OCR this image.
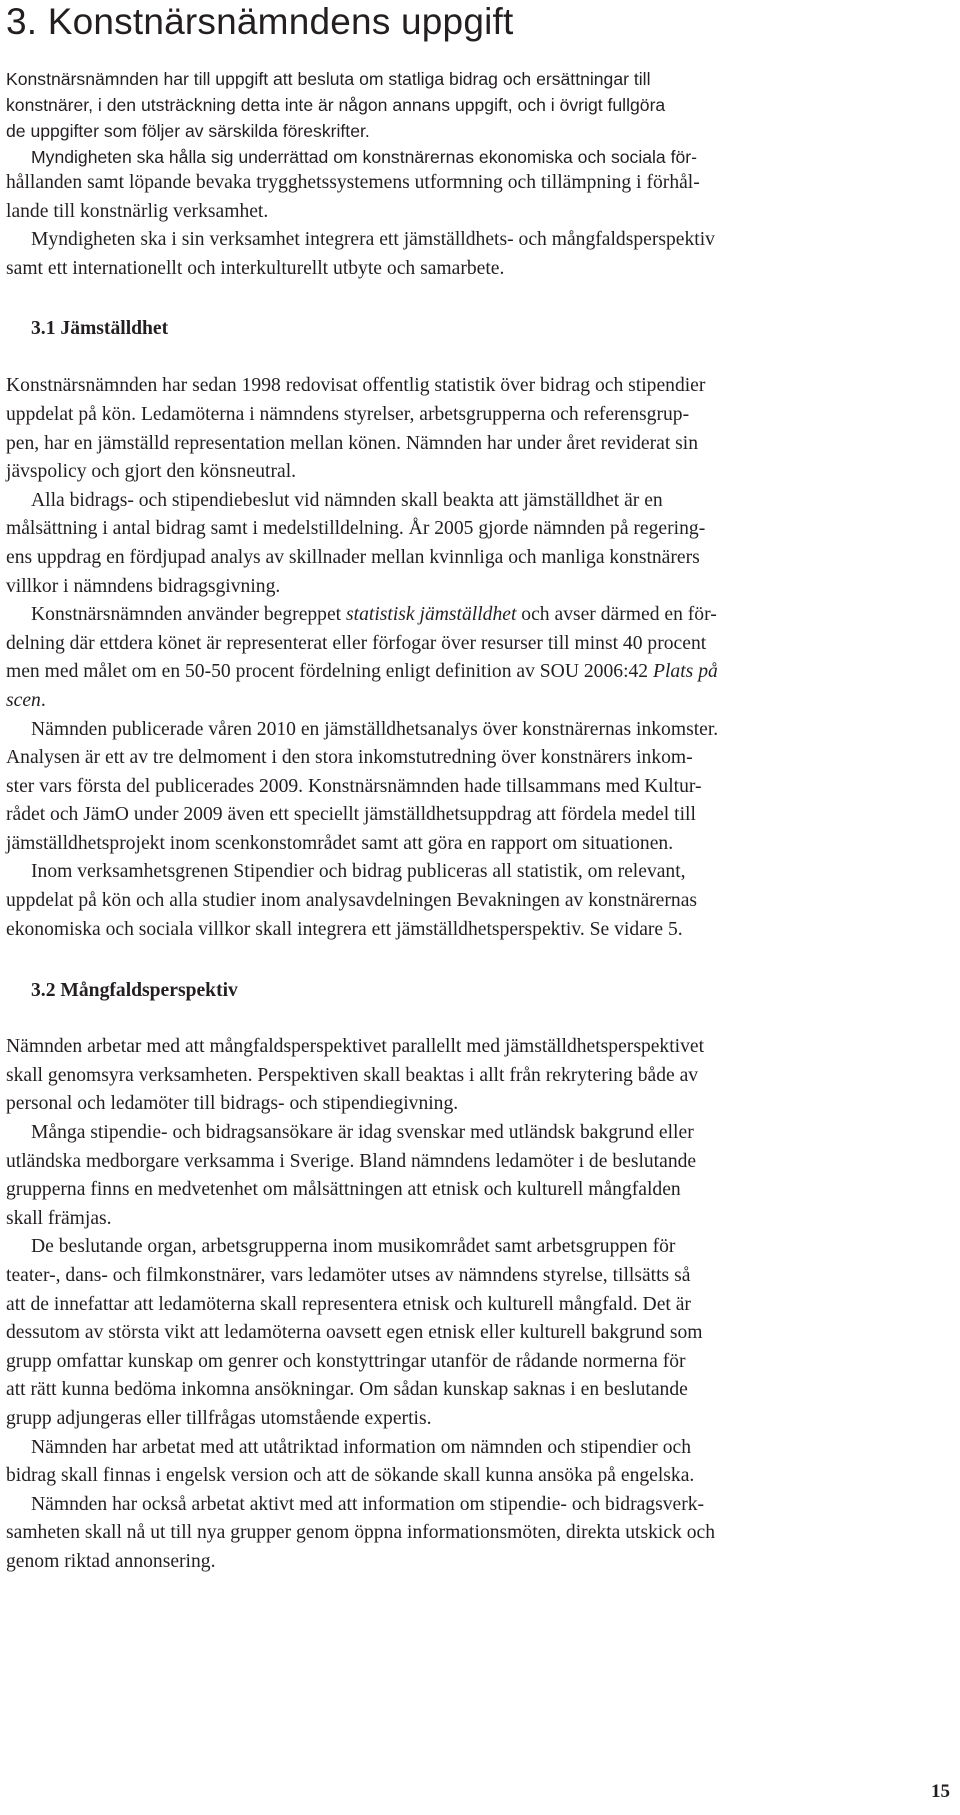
3. Konstnärsnämndens uppgift
Konstnärsnämnden har till uppgift att besluta om statliga bidrag och ersättningar till
konstnärer, i den utsträckning detta inte är någon annans uppgift, och i övrigt fullgöra
de uppgifter som följer av särskilda föreskrifter.
Myndigheten ska hålla sig underrättad om konstnärernas ekonomiska och sociala för-
hållanden samt löpande bevaka trygghetssystemens utformning och tillämpning i förhål-
lande till konstnärlig verksamhet.
Myndigheten ska i sin verksamhet integrera ett jämställdhets- och mångfaldsperspektiv
samt ett internationellt och interkulturellt utbyte och samarbete.
3.1 Jämställdhet
Konstnärsnämnden har sedan 1998 redovisat offentlig statistik över bidrag och stipendier
uppdelat på kön. Ledamöterna i nämndens styrelser, arbetsgrupperna och referensgrup-
pen, har en jämställd representation mellan könen. Nämnden har under året reviderat sin
jävspolicy och gjort den könsneutral.
Alla bidrags- och stipendiebeslut vid nämnden skall beakta att jämställdhet är en
målsättning i antal bidrag samt i medelstilldelning. År 2005 gjorde nämnden på regering-
ens uppdrag en fördjupad analys av skillnader mellan kvinnliga och manliga konstnärers
villkor i nämndens bidragsgivning.
Konstnärsnämnden använder begreppet statistisk jämställdhet och avser därmed en för-
delning där ettdera könet är representerat eller förfogar över resurser till minst 40 procent
men med målet om en 50-50 procent fördelning enligt definition av SOU 2006:42 Plats på
scen.
Nämnden publicerade våren 2010 en jämställdhetsanalys över konstnärernas inkomster.
Analysen är ett av tre delmoment i den stora inkomstutredning över konstnärers inkom-
ster vars första del publicerades 2009. Konstnärsnämnden hade tillsammans med Kultur-
rådet och JämO under 2009 även ett speciellt jämställdhetsuppdrag att fördela medel till
jämställdhetsprojekt inom scenkonstområdet samt att göra en rapport om situationen.
Inom verksamhetsgrenen Stipendier och bidrag publiceras all statistik, om relevant,
uppdelat på kön och alla studier inom analysavdelningen Bevakningen av konstnärernas
ekonomiska och sociala villkor skall integrera ett jämställdhetsperspektiv. Se vidare 5.
3.2 Mångfaldsperspektiv
Nämnden arbetar med att mångfaldsperspektivet parallellt med jämställdhetsperspektivet
skall genomsyra verksamheten. Perspektiven skall beaktas i allt från rekrytering både av
personal och ledamöter till bidrags- och stipendiegivning.
Många stipendie- och bidragsansökare är idag svenskar med utländsk bakgrund eller
utländska medborgare verksamma i Sverige. Bland nämndens ledamöter i de beslutande
grupperna finns en medvetenhet om målsättningen att etnisk och kulturell mångfalden
skall främjas.
De beslutande organ, arbetsgrupperna inom musikområdet samt arbetsgruppen för
teater-, dans- och filmkonstnärer, vars ledamöter utses av nämndens styrelse, tillsätts så
att de innefattar att ledamöterna skall representera etnisk och kulturell mångfald. Det är
dessutom av största vikt att ledamöterna oavsett egen etnisk eller kulturell bakgrund som
grupp omfattar kunskap om genrer och konstyttringar utanför de rådande normerna för
att rätt kunna bedöma inkomna ansökningar. Om sådan kunskap saknas i en beslutande
grupp adjungeras eller tillfrågas utomstående expertis.
Nämnden har arbetat med att utåtriktad information om nämnden och stipendier och
bidrag skall finnas i engelsk version och att de sökande skall kunna ansöka på engelska.
Nämnden har också arbetat aktivt med att information om stipendie- och bidragsverk-
samheten skall nå ut till nya grupper genom öppna informationsmöten, direkta utskick och
genom riktad annonsering.
15
